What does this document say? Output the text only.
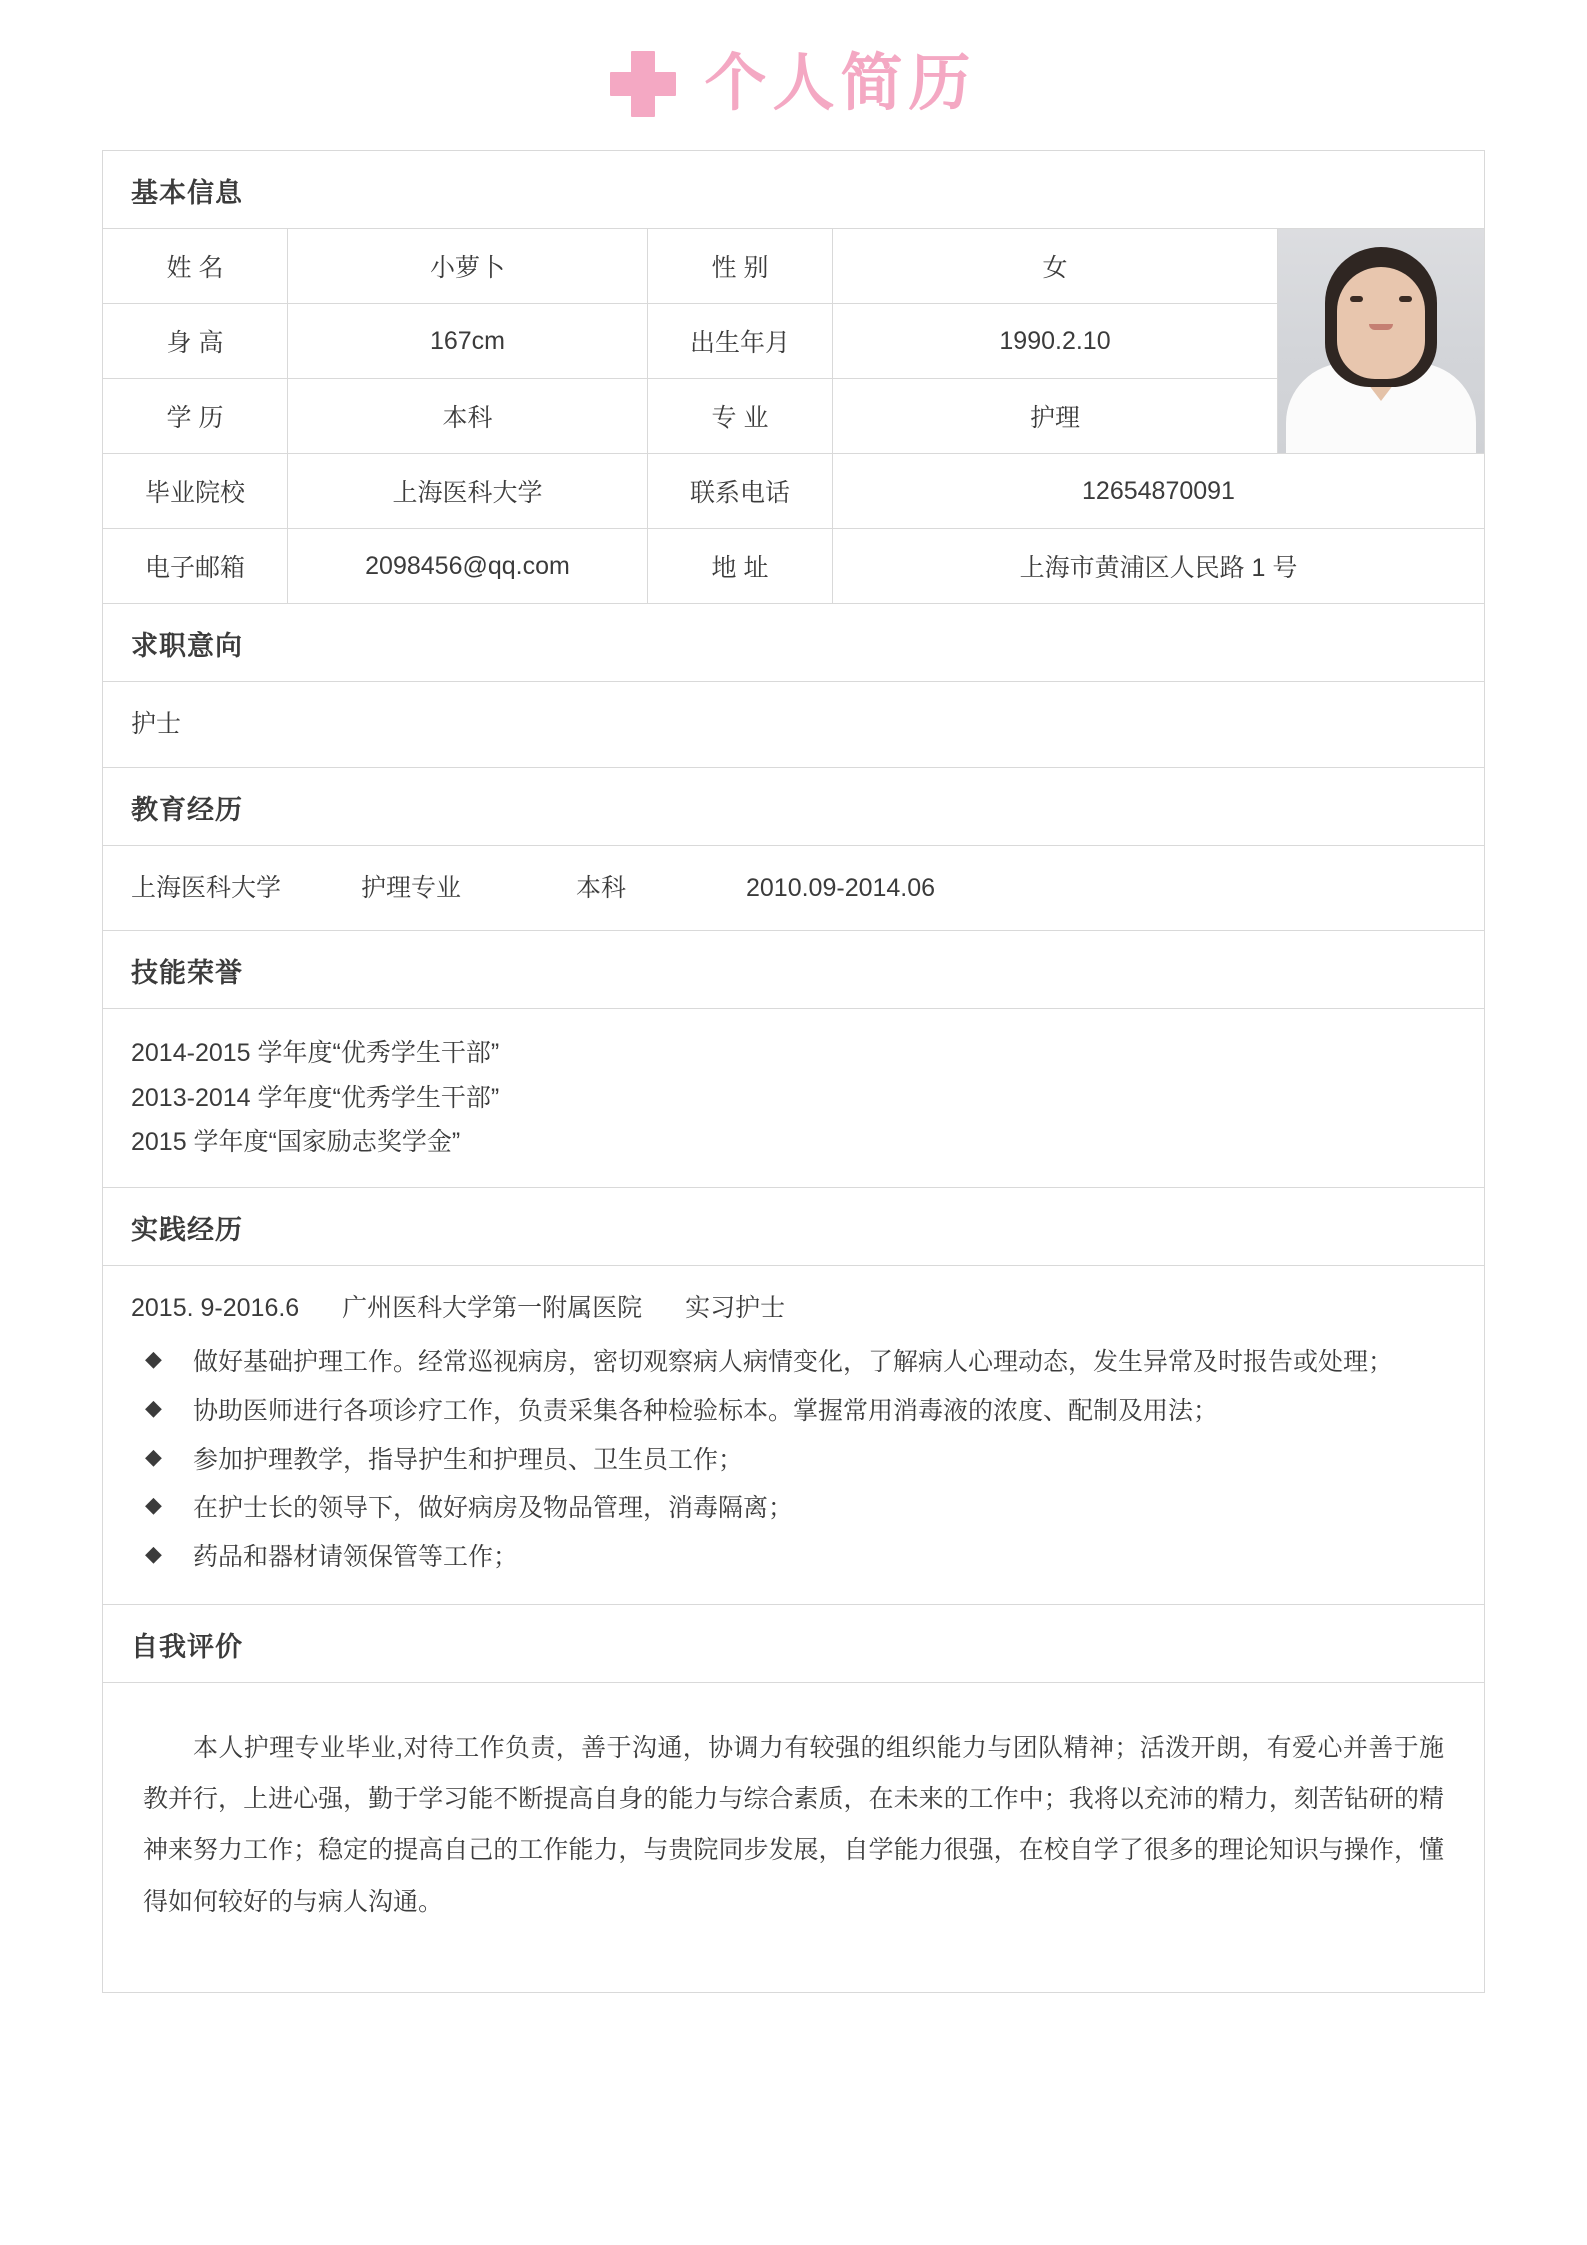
个人简历
基本信息
姓 名	小萝卜	性 别	女
身 高	167cm	出生年月	1990.2.10
学 历	本科	专 业	护理
毕业院校	上海医科大学	联系电话	12654870091
电子邮箱	2098456@qq.com	地 址	上海市黄浦区人民路 1 号
求职意向
护士
教育经历
上海医科大学	护理专业	本科	2010.09-2014.06
技能荣誉
2014-2015 学年度“优秀学生干部”
2013-2014 学年度“优秀学生干部”
2015 学年度“国家励志奖学金”
实践经历
2015. 9-2016.6 广州医科大学第一附属医院 实习护士
◆ 做好基础护理工作。经常巡视病房，密切观察病人病情变化，了解病人心理动态，发生异常及时报告或处理；
◆ 协助医师进行各项诊疗工作，负责采集各种检验标本。掌握常用消毒液的浓度、配制及用法；
◆ 参加护理教学，指导护生和护理员、卫生员工作；
◆ 在护士长的领导下，做好病房及物品管理，消毒隔离；
◆ 药品和器材请领保管等工作；
自我评价

本人护理专业毕业,对待工作负责，善于沟通，协调力有较强的组织能力与团队精神；活泼开朗，有爱心并善于施教并行，上进心强，勤于学习能不断提高自身的能力与综合素质，在未来的工作中；我将以充沛的精力，刻苦钻研的精神来努力工作；稳定的提高自己的工作能力，与贵院同步发展，自学能力很强，在校自学了很多的理论知识与操作，懂得如何较好的与病人沟通。
